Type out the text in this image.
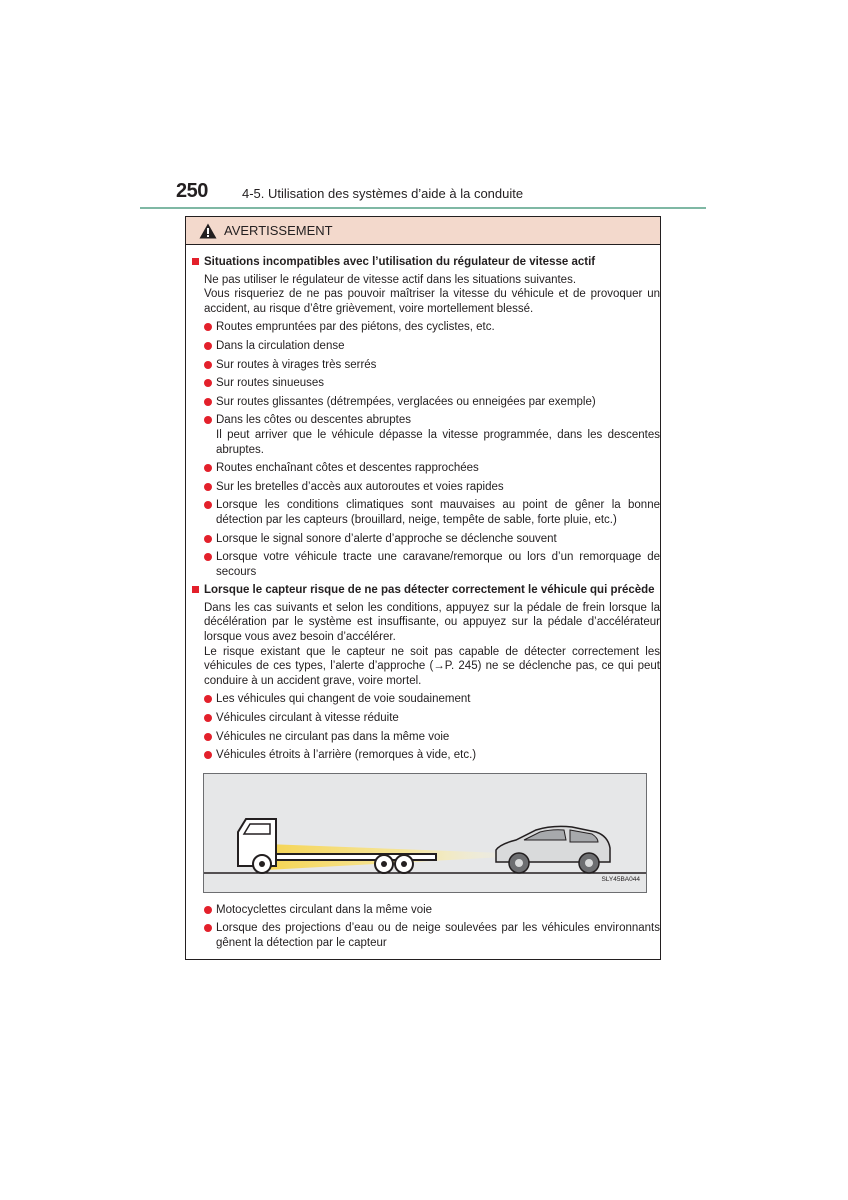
250	4-5. Utilisation des systèmes d’aide à la conduite
AVERTISSEMENT
Situations incompatibles avec l’utilisation du régulateur de vitesse actif
Ne pas utiliser le régulateur de vitesse actif dans les situations suivantes.
Vous risqueriez de ne pas pouvoir maîtriser la vitesse du véhicule et de provoquer un accident, au risque d’être grièvement, voire mortellement blessé.
Routes empruntées par des piétons, des cyclistes, etc.
Dans la circulation dense
Sur routes à virages très serrés
Sur routes sinueuses
Sur routes glissantes (détrempées, verglacées ou enneigées par exemple)
Dans les côtes ou descentes abruptes
Il peut arriver que le véhicule dépasse la vitesse programmée, dans les descentes abruptes.
Routes enchaînant côtes et descentes rapprochées
Sur les bretelles d’accès aux autoroutes et voies rapides
Lorsque les conditions climatiques sont mauvaises au point de gêner la bonne détection par les capteurs (brouillard, neige, tempête de sable, forte pluie, etc.)
Lorsque le signal sonore d’alerte d’approche se déclenche souvent
Lorsque votre véhicule tracte une caravane/remorque ou lors d’un remorquage de secours
Lorsque le capteur risque de ne pas détecter correctement le véhicule qui précède
Dans les cas suivants et selon les conditions, appuyez sur la pédale de frein lorsque la décélération par le système est insuffisante, ou appuyez sur la pédale d’accélérateur lorsque vous avez besoin d’accélérer.
Le risque existant que le capteur ne soit pas capable de détecter correctement les véhicules de ces types, l’alerte d’approche (→P. 245) ne se déclenche pas, ce qui peut conduire à un accident grave, voire mortel.
Les véhicules qui changent de voie soudainement
Véhicules circulant à vitesse réduite
Véhicules ne circulant pas dans la même voie
Véhicules étroits à l’arrière (remorques à vide, etc.)
SLY45BA044
Motocyclettes circulant dans la même voie
Lorsque des projections d’eau ou de neige soulevées par les véhicules environnants gênent la détection par le capteur
